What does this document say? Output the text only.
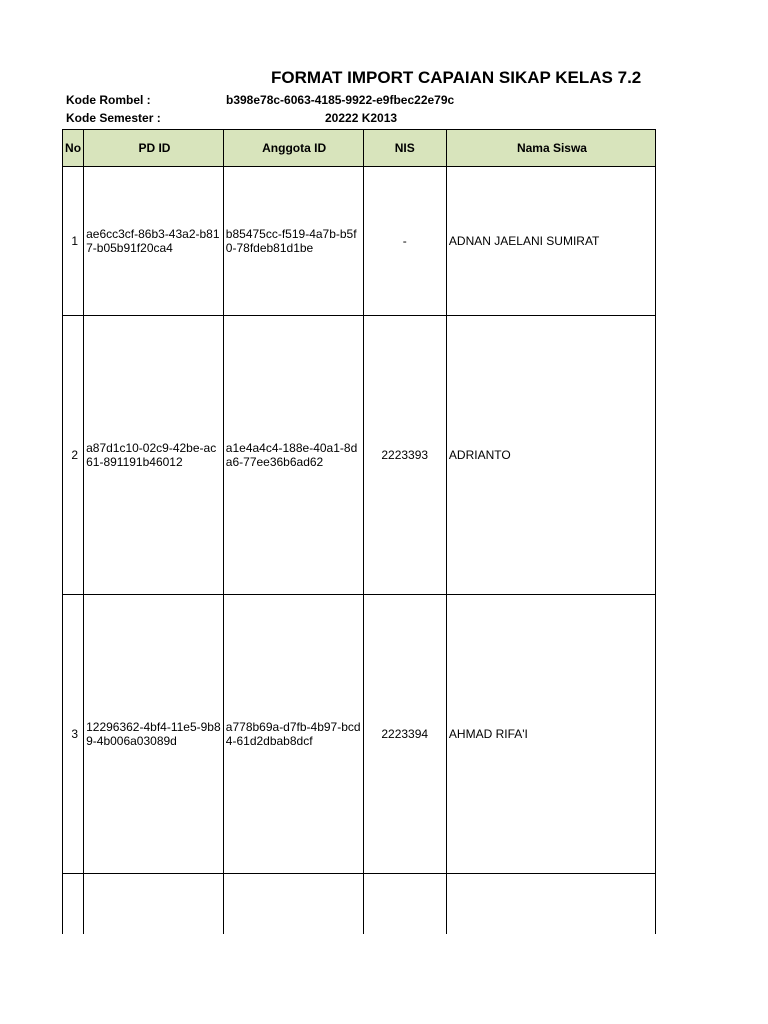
FORMAT IMPORT CAPAIAN SIKAP KELAS 7.2
Kode Rombel :	b398e78c-6063-4185-9922-e9fbec22e79c
Kode Semester :	20222 K2013
No	PD ID	Anggota ID	NIS	Nama Siswa
1	ae6cc3cf-86b3-43a2-b817-b05b91f20ca4	b85475cc-f519-4a7b-b5f0-78fdeb81d1be	-	ADNAN JAELANI SUMIRAT
2	a87d1c10-02c9-42be-ac61-891191b46012	a1e4a4c4-188e-40a1-8da6-77ee36b6ad62	2223393	ADRIANTO
3	12296362-4bf4-11e5-9b89-4b006a03089d	a778b69a-d7fb-4b97-bcd4-61d2dbab8dcf	2223394	AHMAD RIFA'I
